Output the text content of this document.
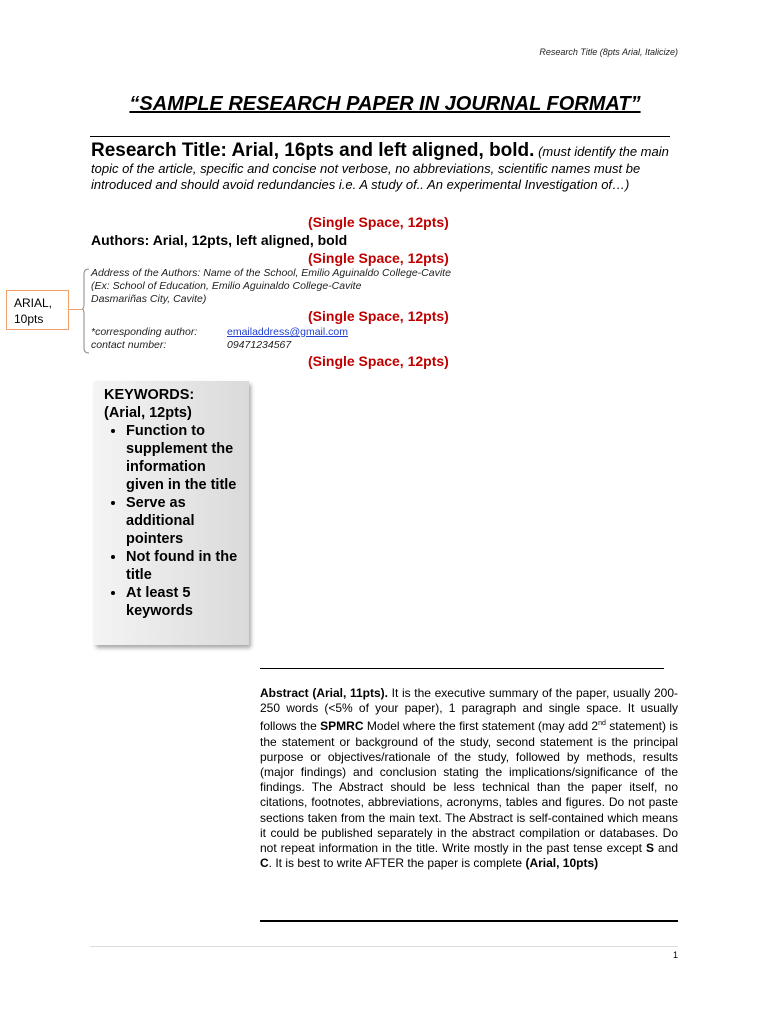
Research Title (8pts Arial, Italicize)
“SAMPLE RESEARCH PAPER IN JOURNAL FORMAT”
Research Title: Arial, 16pts and left aligned, bold. (must identify the main topic of the article, specific and concise not verbose, no abbreviations, scientific names must be introduced and should avoid redundancies i.e. A study of.. An experimental Investigation of…)
(Single Space, 12pts)
Authors: Arial, 12pts, left aligned, bold
(Single Space, 12pts)
Address of the Authors: Name of the School, Emilio Aguinaldo College-Cavite
(Ex: School of Education, Emilio Aguinaldo College-Cavite
Dasmariñas City, Cavite)
(Single Space, 12pts)
*corresponding author:	emailaddress@gmail.com
contact number:	09471234567
(Single Space, 12pts)
ARIAL,
10pts
KEYWORDS:
(Arial, 12pts)
• Function to supplement the information given in the title
• Serve as additional pointers
• Not found in the title
• At least 5 keywords
Abstract (Arial, 11pts). It is the executive summary of the paper, usually 200-250 words (<5% of your paper), 1 paragraph and single space. It usually follows the SPMRC Model where the first statement (may add 2nd statement) is the statement or background of the study, second statement is the principal purpose or objectives/rationale of the study, followed by methods, results (major findings) and conclusion stating the implications/significance of the findings. The Abstract should be less technical than the paper itself, no citations, footnotes, abbreviations, acronyms, tables and figures. Do not paste sections taken from the main text. The Abstract is self-contained which means it could be published separately in the abstract compilation or databases. Do not repeat information in the title. Write mostly in the past tense except S and C. It is best to write AFTER the paper is complete (Arial, 10pts)
1
